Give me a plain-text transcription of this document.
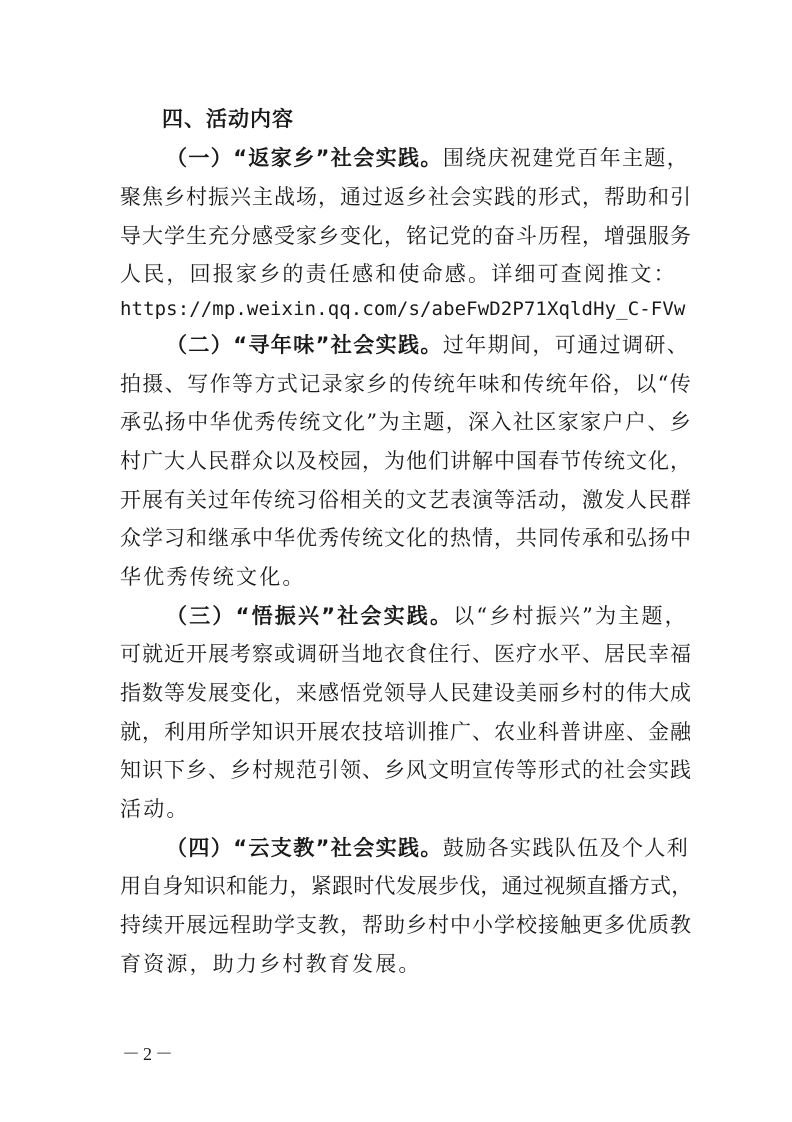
四、活动内容
（一）“返家乡”社会实践。围绕庆祝建党百年主题，
聚焦乡村振兴主战场，通过返乡社会实践的形式，帮助和引
导大学生充分感受家乡变化，铭记党的奋斗历程，增强服务
人民，回报家乡的责任感和使命感。详细可查阅推文：
https://mp.weixin.qq.com/s/abeFwD2P71XqldHy_C-FVw
（二）“寻年味”社会实践。过年期间，可通过调研、
拍摄、写作等方式记录家乡的传统年味和传统年俗，以“传
承弘扬中华优秀传统文化”为主题，深入社区家家户户、乡
村广大人民群众以及校园，为他们讲解中国春节传统文化，
开展有关过年传统习俗相关的文艺表演等活动，激发人民群
众学习和继承中华优秀传统文化的热情，共同传承和弘扬中
华优秀传统文化。
（三）“悟振兴”社会实践。以“乡村振兴”为主题，
可就近开展考察或调研当地衣食住行、医疗水平、居民幸福
指数等发展变化，来感悟党领导人民建设美丽乡村的伟大成
就，利用所学知识开展农技培训推广、农业科普讲座、金融
知识下乡、乡村规范引领、乡风文明宣传等形式的社会实践
活动。
（四）“云支教”社会实践。鼓励各实践队伍及个人利
用自身知识和能力，紧跟时代发展步伐，通过视频直播方式，
持续开展远程助学支教，帮助乡村中小学校接触更多优质教
育资源，助力乡村教育发展。
－2－
